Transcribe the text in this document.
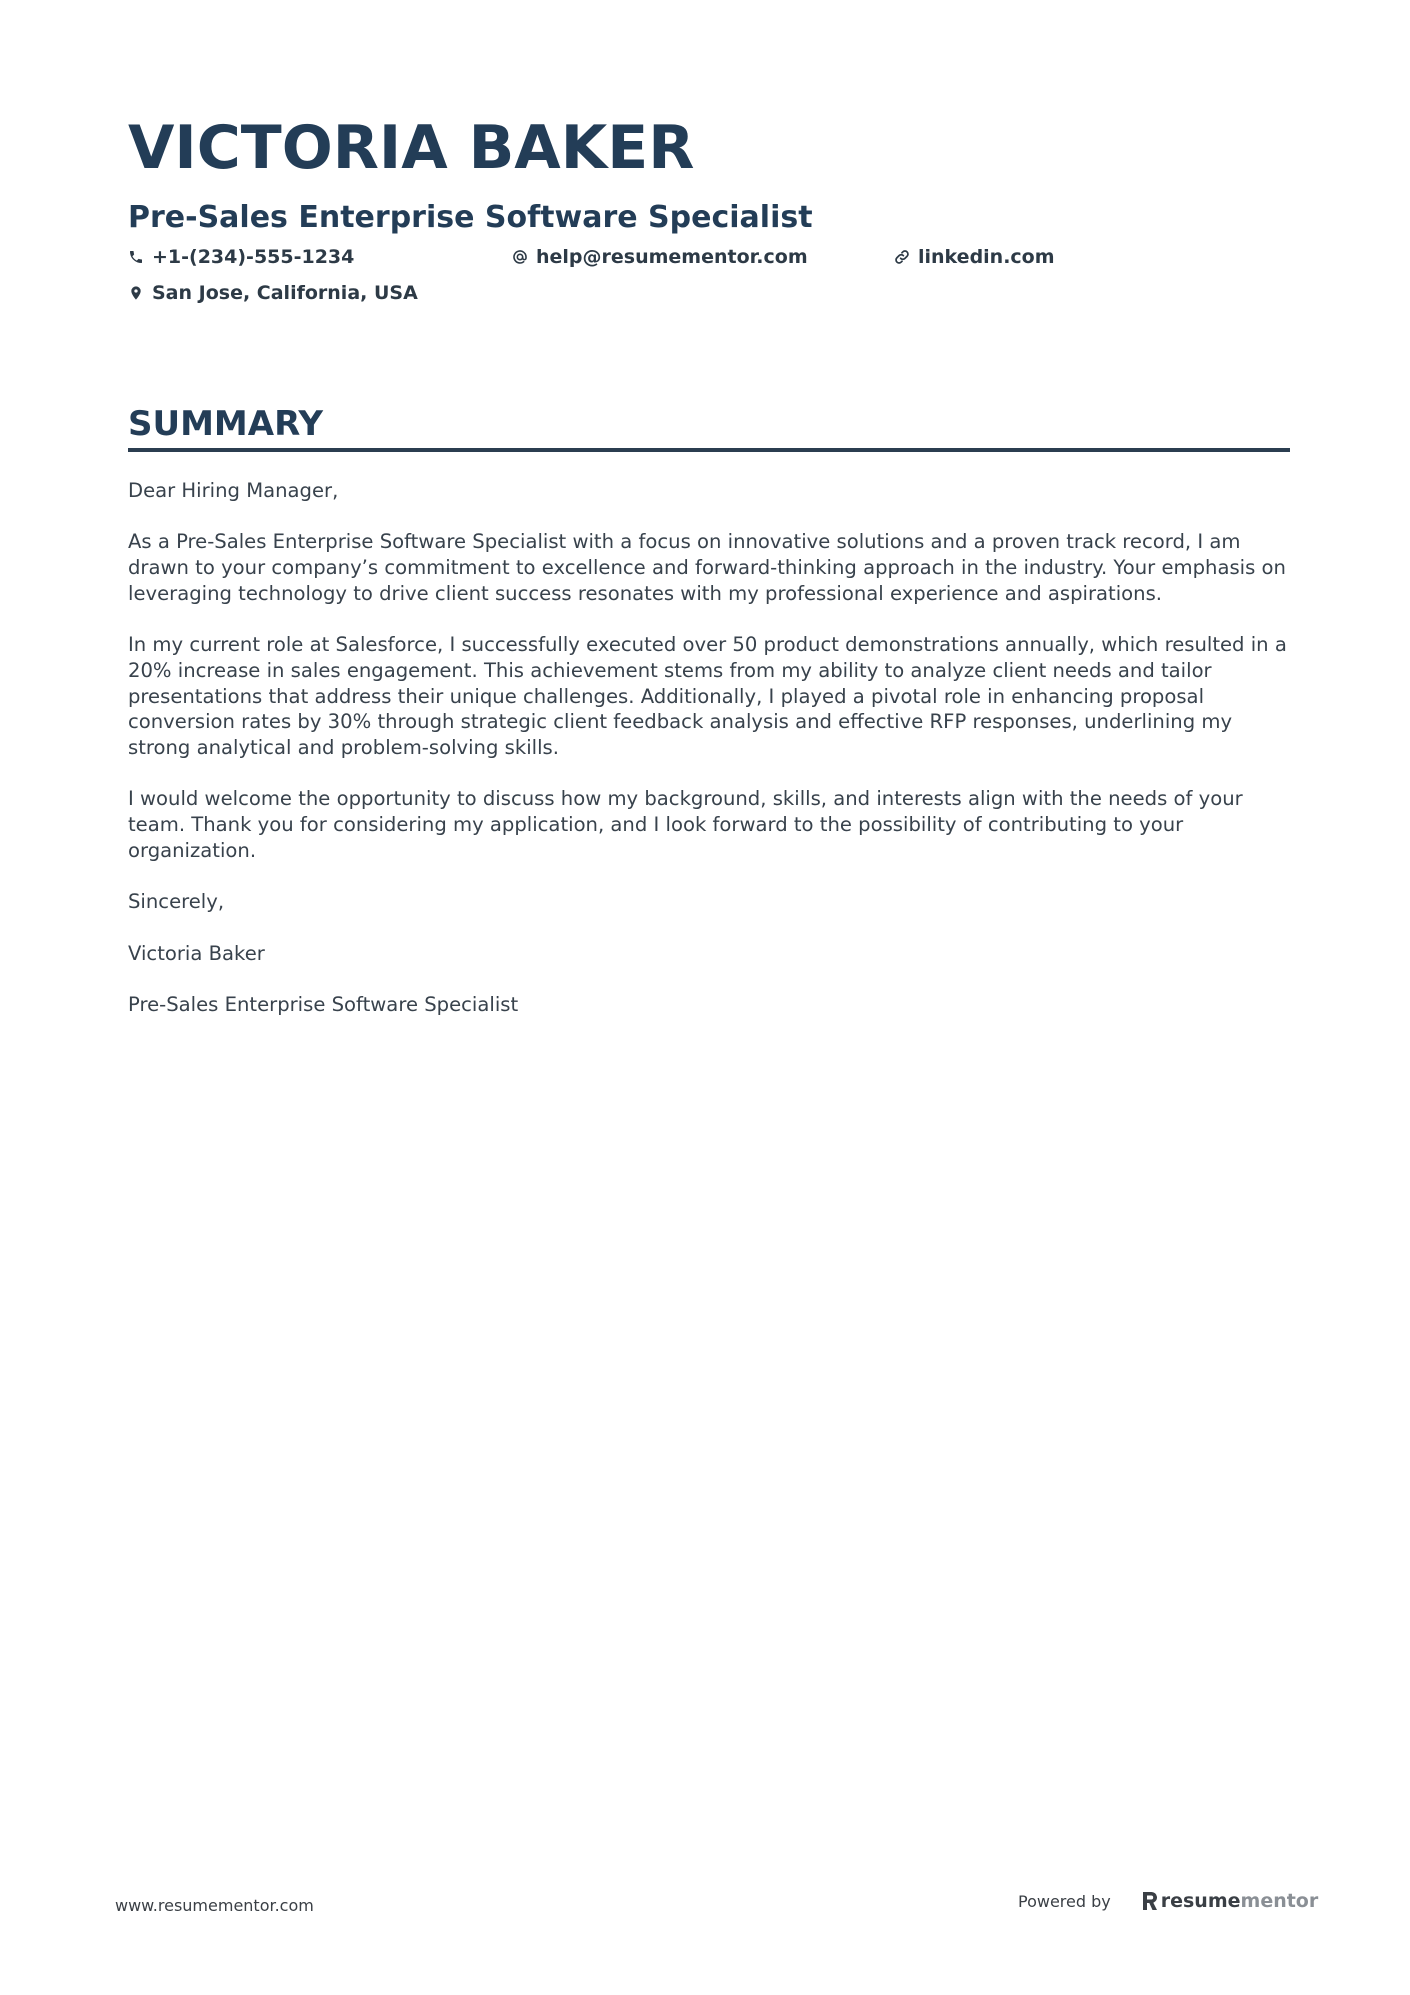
VICTORIA BAKER
Pre-Sales Enterprise Software Specialist
+1-(234)-555-1234	help@resumementor.com	linkedin.com
San Jose, California, USA
SUMMARY

Dear Hiring Manager,

As a Pre-Sales Enterprise Software Specialist with a focus on innovative solutions and a proven track record, I am drawn to your company’s commitment to excellence and forward-thinking approach in the industry. Your emphasis on leveraging technology to drive client success resonates with my professional experience and aspirations.

In my current role at Salesforce, I successfully executed over 50 product demonstrations annually, which resulted in a 20% increase in sales engagement. This achievement stems from my ability to analyze client needs and tailor presentations that address their unique challenges. Additionally, I played a pivotal role in enhancing proposal conversion rates by 30% through strategic client feedback analysis and effective RFP responses, underlining my strong analytical and problem-solving skills.

I would welcome the opportunity to discuss how my background, skills, and interests align with the needs of your team. Thank you for considering my application, and I look forward to the possibility of contributing to your organization.

Sincerely,

Victoria Baker

Pre-Sales Enterprise Software Specialist

www.resumementor.com	Powered by	resume mentor
